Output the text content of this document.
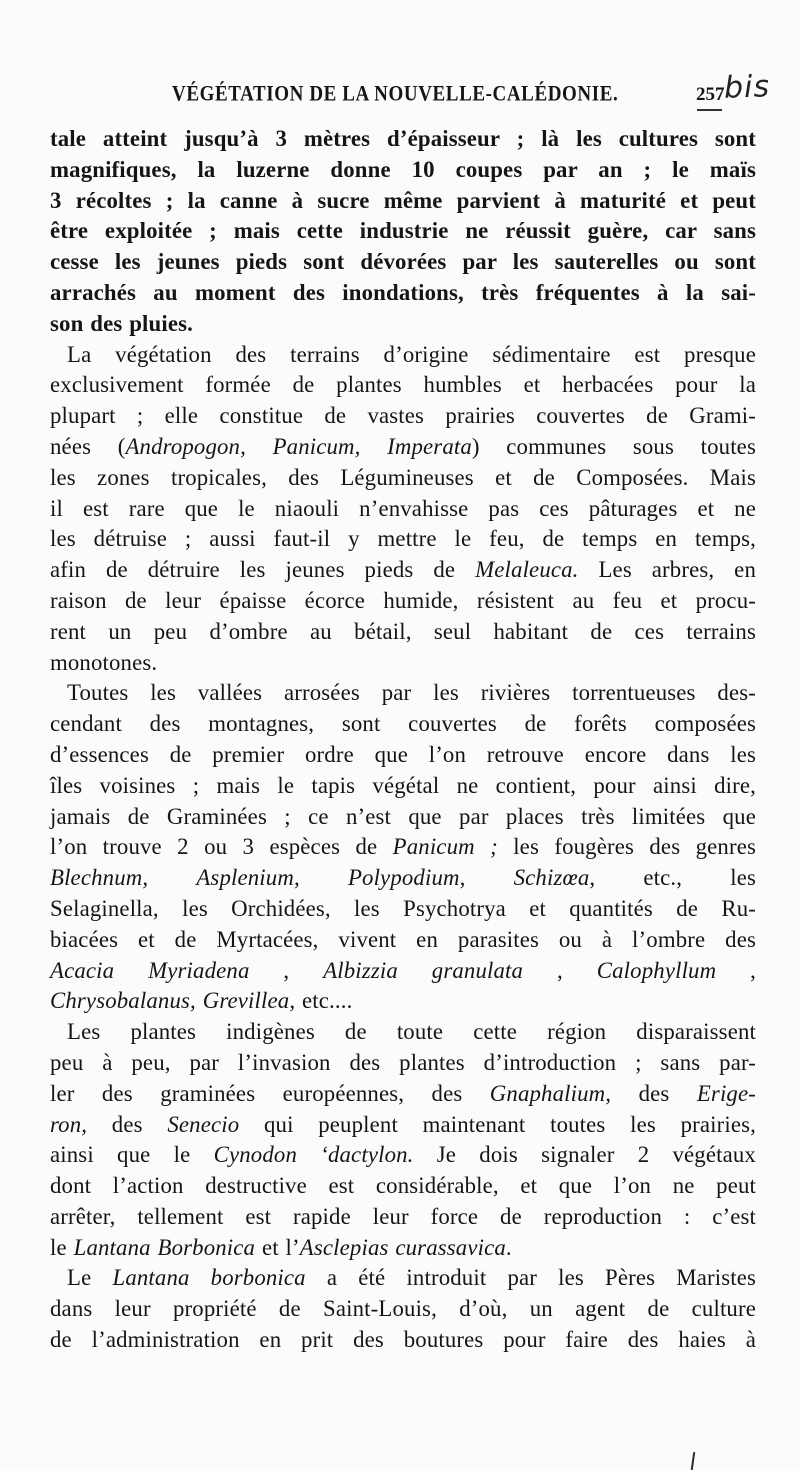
VÉGÉTATION DE LA NOUVELLE-CALÉDONIE.	257
bis
tale atteint jusqu’à 3 mètres d’épaisseur ; là les cultures sont
magnifiques, la luzerne donne 10 coupes par an ; le maïs
3 récoltes ; la canne à sucre même parvient à maturité et peut
être exploitée ; mais cette industrie ne réussit guère, car sans
cesse les jeunes pieds sont dévorées par les sauterelles ou sont
arrachés au moment des inondations, très fréquentes à la sai-
son des pluies.
La végétation des terrains d’origine sédimentaire est presque
exclusivement formée de plantes humbles et herbacées pour la
plupart ; elle constitue de vastes prairies couvertes de Grami-
nées (Andropogon, Panicum, Imperata) communes sous toutes
les zones tropicales, des Légumineuses et de Composées. Mais
il est rare que le niaouli n’envahisse pas ces pâturages et ne
les détruise ; aussi faut-il y mettre le feu, de temps en temps,
afin de détruire les jeunes pieds de Melaleuca. Les arbres, en
raison de leur épaisse écorce humide, résistent au feu et procu-
rent un peu d’ombre au bétail, seul habitant de ces terrains
monotones.
Toutes les vallées arrosées par les rivières torrentueuses des-
cendant des montagnes, sont couvertes de forêts composées
d’essences de premier ordre que l’on retrouve encore dans les
îles voisines ; mais le tapis végétal ne contient, pour ainsi dire,
jamais de Graminées ; ce n’est que par places très limitées que
l’on trouve 2 ou 3 espèces de Panicum ; les fougères des genres
Blechnum, Asplenium, Polypodium, Schizœa, etc., les
Selaginella, les Orchidées, les Psychotrya et quantités de Ru-
biacées et de Myrtacées, vivent en parasites ou à l’ombre des
Acacia Myriadena , Albizzia granulata , Calophyllum ,
Chrysobalanus, Grevillea, etc....
Les plantes indigènes de toute cette région disparaissent
peu à peu, par l’invasion des plantes d’introduction ; sans par-
ler des graminées européennes, des Gnaphalium, des Erige-
ron, des Senecio qui peuplent maintenant toutes les prairies,
ainsi que le Cynodon ‘dactylon. Je dois signaler 2 végétaux
dont l’action destructive est considérable, et que l’on ne peut
arrêter, tellement est rapide leur force de reproduction : c’est
le Lantana Borbonica et l’Asclepias curassavica.
Le Lantana borbonica a été introduit par les Pères Maristes
dans leur propriété de Saint-Louis, d’où, un agent de culture
de l’administration en prit des boutures pour faire des haies à
